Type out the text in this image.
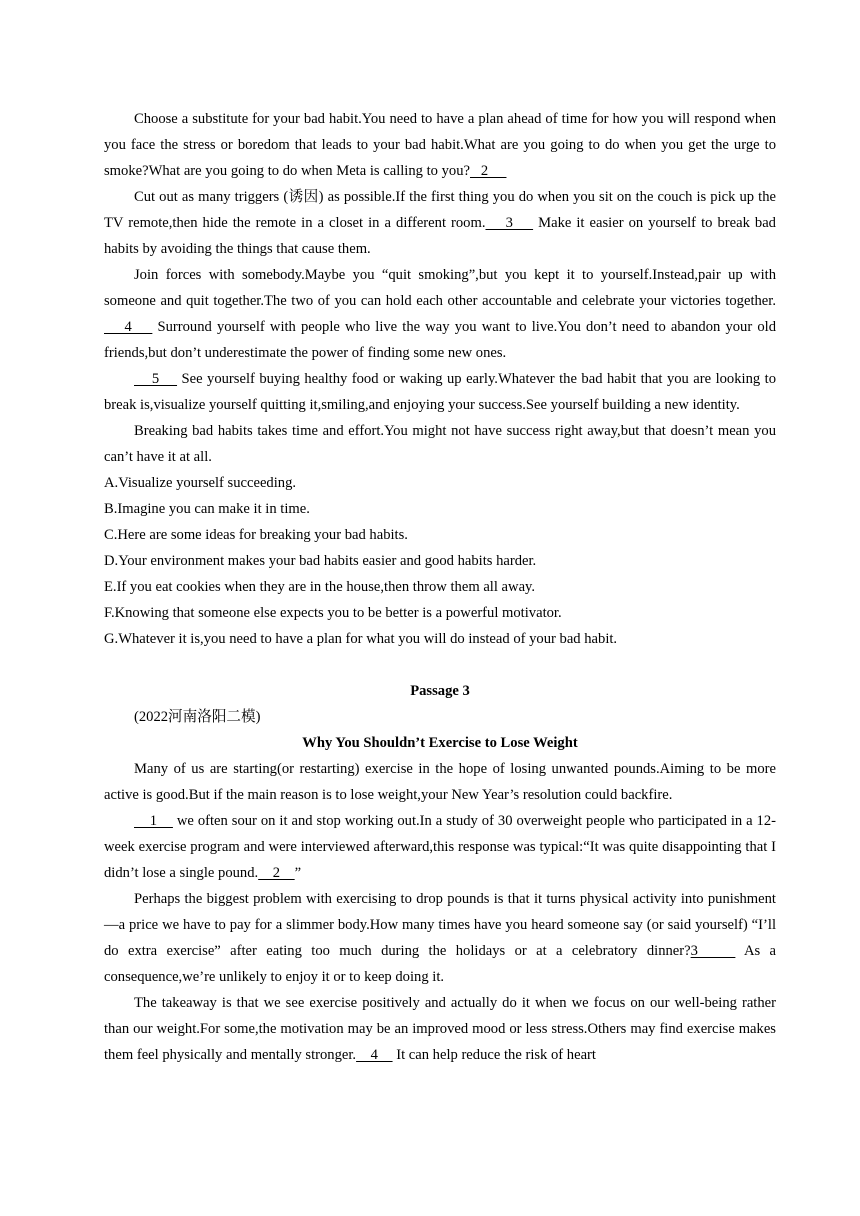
Choose a substitute for your bad habit.You need to have a plan ahead of time for how you will respond when you face the stress or boredom that leads to your bad habit.What are you going to do when you get the urge to smoke?What are you going to do when Meta is calling to you?   2

Cut out as many triggers (诱因) as possible.If the first thing you do when you sit on the couch is pick up the TV remote,then hide the remote in a closet in a different room.    3     Make it easier on yourself to break bad habits by avoiding the things that cause them.

Join forces with somebody.Maybe you “quit smoking”,but you kept it to yourself.Instead,pair up with someone and quit together.The two of you can hold each other accountable and celebrate your victories together.    4     Surround yourself with people who live the way you want to live.You don’t need to abandon your old friends,but don’t underestimate the power of finding some new ones.

5     See yourself buying healthy food or waking up early.Whatever the bad habit that you are looking to break is,visualize yourself quitting it,smiling,and enjoying your success.See yourself building a new identity.

Breaking bad habits takes time and effort.You might not have success right away,but that doesn’t mean you can’t have it at all.

A.Visualize yourself succeeding.

B.Imagine you can make it in time.

C.Here are some ideas for breaking your bad habits.

D.Your environment makes your bad habits easier and good habits harder.

E.If you eat cookies when they are in the house,then throw them all away.

F.Knowing that someone else expects you to be better is a powerful motivator.

G.Whatever it is,you need to have a plan for what you will do instead of your bad habit.

Passage 3

(2022河南洛阳二模)

Why You Shouldn’t Exercise to Lose Weight

Many of us are starting(or restarting) exercise in the hope of losing unwanted pounds.Aiming to be more active is good.But if the main reason is to lose weight,your New Year’s resolution could backfire.

1     we often sour on it and stop working out.In a study of 30 overweight people who participated in a 12-week exercise program and were interviewed afterward,this response was typical:“It was quite disappointing that I didn’t lose a single pound.    2    ”

Perhaps the biggest problem with exercising to drop pounds is that it turns physical activity into punishment—a price we have to pay for a slimmer body.How many times have you heard someone say (or said yourself) “I’ll do extra exercise” after eating too much during the holidays or at a celebratory dinner?3     As a consequence,we’re unlikely to enjoy it or to keep doing it.

The takeaway is that we see exercise positively and actually do it when we focus on our well-being rather than our weight.For some,the motivation may be an improved mood or less stress.Others may find exercise makes them feel physically and mentally stronger.    4     It can help reduce the risk of heart
